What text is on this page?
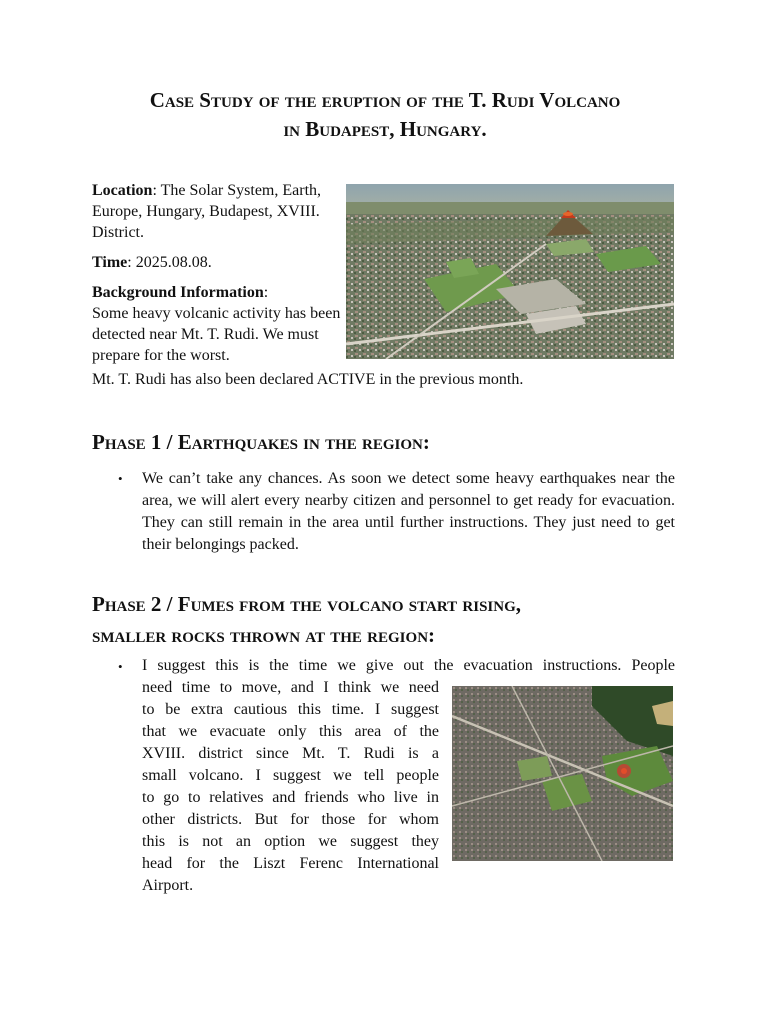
Case Study of the eruption of the T. Rudi Volcano
in Budapest, Hungary.

Location: The Solar System, Earth, Europe, Hungary, Budapest, XVIII. District.

Time: 2025.08.08.

Background Information:
Some heavy volcanic activity has been detected near Mt. T. Rudi. We must prepare for the worst.

Mt. T. Rudi has also been declared ACTIVE in the previous month.
Phase 1 / Earthquakes in the region:
• We can’t take any chances. As soon we detect some heavy earthquakes near the area, we will alert every nearby citizen and personnel to get ready for evacuation. They can still remain in the area until further instructions. They just need to get their belongings packed.
Phase 2 / Fumes from the volcano start rising,
smaller rocks thrown at the region:
• I suggest this is the time we give out the evacuation instructions. People
need time to move, and I think we need
to be extra cautious this time. I suggest
that we evacuate only this area of the
XVIII. district since Mt. T. Rudi is a
small volcano. I suggest we tell people
to go to relatives and friends who live in
other districts. But for those for whom
this is not an option we suggest they
head for the Liszt Ferenc International
Airport.
